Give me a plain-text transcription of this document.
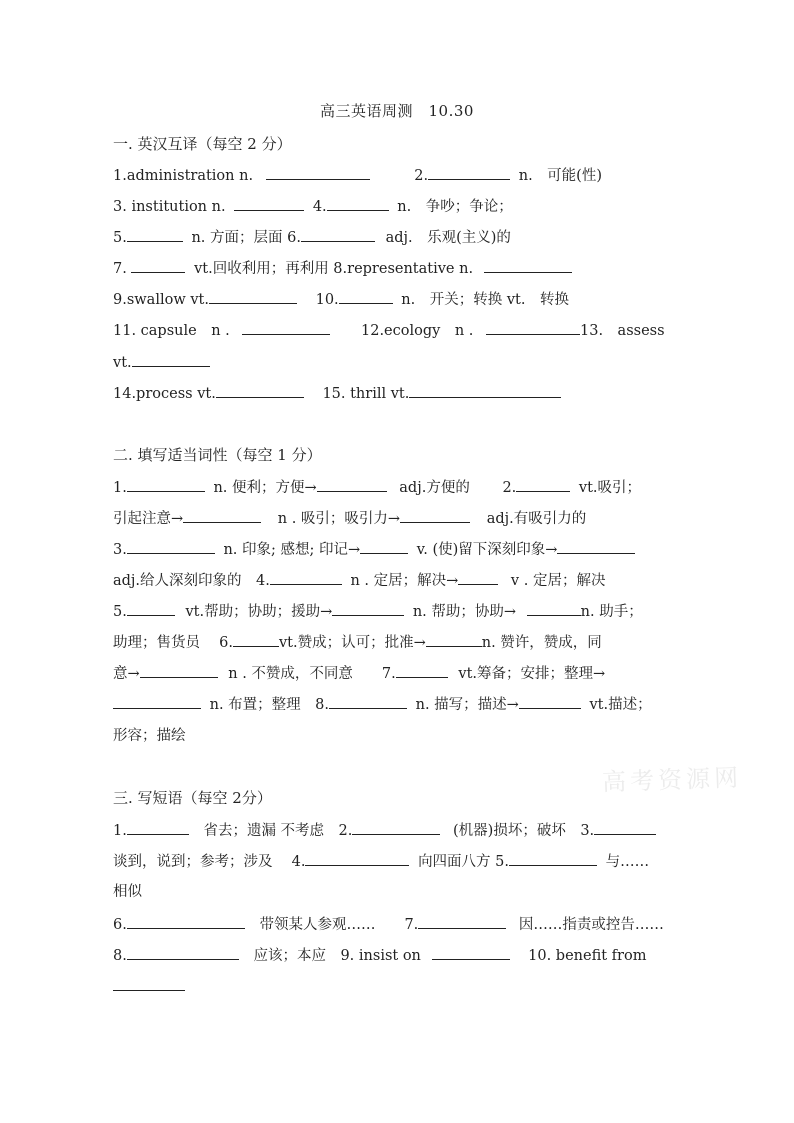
高三英语周测　10.30
一. 英汉互译（每空 2 分）
1.administration n.	2.	n.　可能(性)
3. institution n.	4.	n.　争吵；争论；
5.	n. 方面；层面 6.	adj.　乐观(主义)的
7.	vt.回收利用；再利用 8.representative n.
9.swallow vt.	10.	n.　开关；转换 vt.　转换
11. capsule　n .	12.ecology　n .	13.　assess
vt.
14.process vt.	15. thrill vt.
二. 填写适当词性（每空 1 分）
1.	n. 便利；方便→	adj.方便的 2.	vt.吸引；
引起注意→	n . 吸引；吸引力→	adj.有吸引力的
3.	n. 印象; 感想; 印记→	v. (使)留下深刻印象→
adj.给人深刻印象的　4.	n . 定居；解决→	v . 定居；解决
5.	vt.帮助；协助；援助→	n. 帮助；协助→	n. 助手；
助理；售货员　 6.	vt.赞成；认可；批准→	n. 赞许，赞成，同
意→	n . 不赞成，不同意　　7.	vt.筹备；安排；整理→
n. 布置；整理　8.	n. 描写；描述→	vt.描述；
形容；描绘
三. 写短语（每空 2分）
1.	省去；遗漏 不考虑　2.	(机器)损坏；破坏　3.
谈到，说到；参考；涉及　 4.	向四面八方 5.	与……
相似
6.	带领某人参观……　　7.	因……指责或控告……
8.	应该；本应　9. insist on	10. benefit from
高考资源网
